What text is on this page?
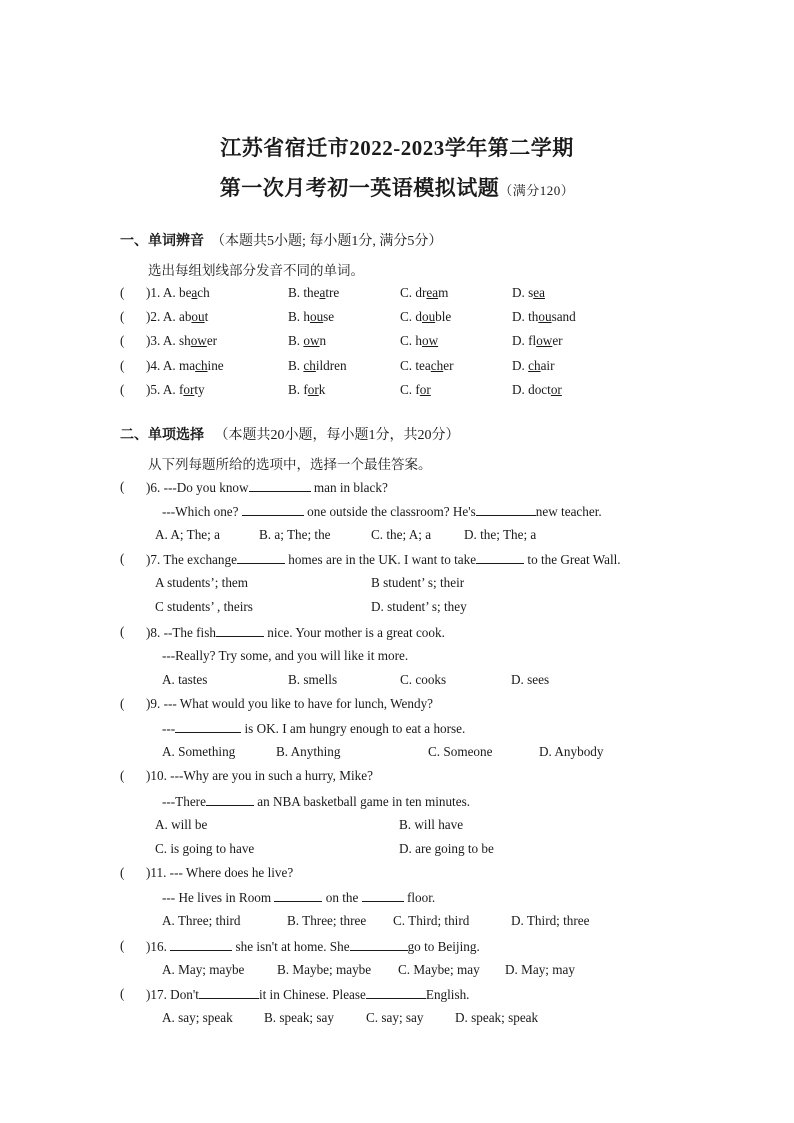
江苏省宿迁市2022-2023学年第二学期
第一次月考初一英语模拟试题（满分120）
一、单词辨音 （本题共5小题; 每小题1分, 满分5分）
选出每组划线部分发音不同的单词。
( )1. A. beach	B. theatre	C. dream	D. sea
( )2. A. about	B. house	C. double	D. thousand
( )3. A. shower	B. own	C. how	D. flower
( )4. A. machine	B. children	C. teacher	D. chair
( )5. A. forty	B. fork	C. for	D. doctor
二、单项选择 （本题共20小题，每小题1分，共20分）
从下列每题所给的选项中，选择一个最佳答案。
( )6. ---Do you know	man in black?
---Which one?	one outside the classroom? He's	new teacher.
A. A; The; a	B. a; The; the	C. the; A; a D. the; The; a
( )7. The exchange	homes are in the UK. I want to take	to the Great Wall.
A students’; them	B student’ s; their
C students’ , theirs	D. student’ s; they
( )8. --The fish	nice. Your mother is a great cook.
---Really? Try some, and you will like it more.
A. tastes	B. smells	C. cooks	D. sees
( )9. --- What would you like to have for lunch, Wendy?
---	is OK. I am hungry enough to eat a horse.
A. Something	B. Anything	C. Someone	D. Anybody
( )10. ---Why are you in such a hurry, Mike?
---There	an NBA basketball game in ten minutes.
A. will be	B. will have
C. is going to have	D. are going to be
( )11. --- Where does he live?
--- He lives in Room	on the	floor.
A. Three; third	B. Three; three C. Third; third	D. Third; three
( )16.	she isn't at home. She	go to Beijing.
A. May; maybe B. Maybe; maybe C. Maybe; may D. May; may
( )17. Don't	it in Chinese. Please	English.
A. say; speak B. speak; say C. say; say D. speak; speak
